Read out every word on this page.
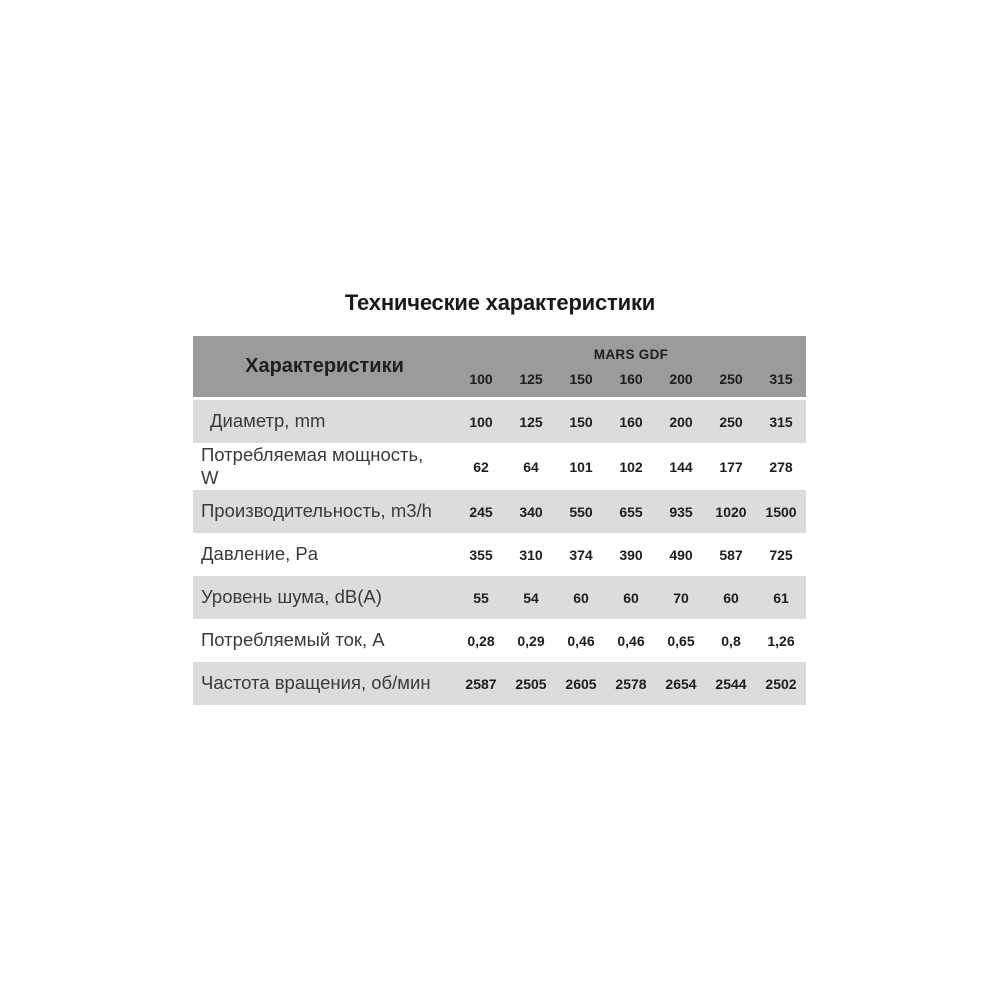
Технические характеристики
Характеристики
MARS GDF
100	125	150	160	200	250	315
Диаметр, mm	100	125	150	160	200	250	315
Потребляемая мощность, W	62	64	101	102	144	177	278
Производительность, m3/h	245	340	550	655	935	1020	1500
Давление, Pa	355	310	374	390	490	587	725
Уровень шума, dB(A)	55	54	60	60	70	60	61
Потребляемый ток, A	0,28	0,29	0,46	0,46	0,65	0,8	1,26
Частота вращения, об/мин	2587	2505	2605	2578	2654	2544	2502
